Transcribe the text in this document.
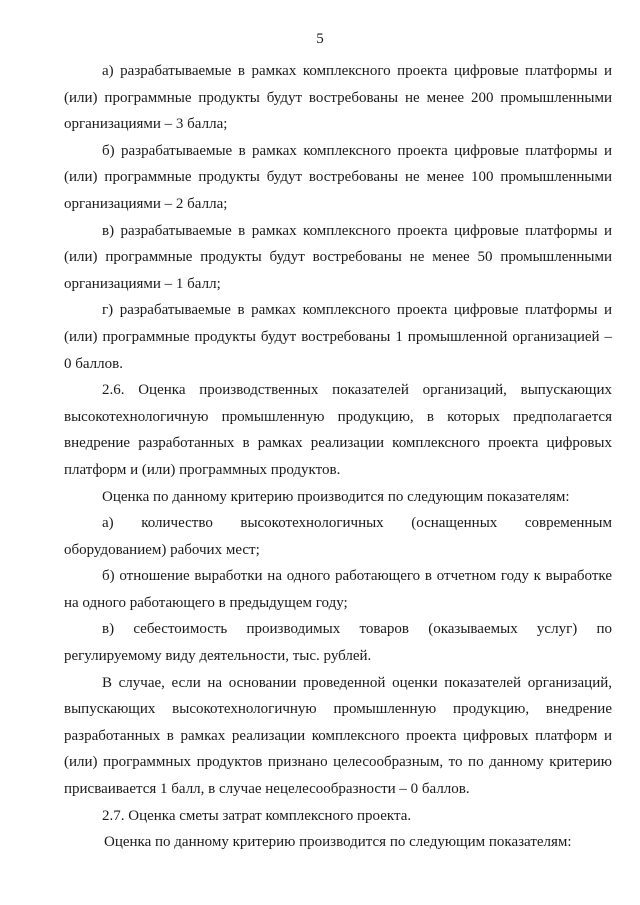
5

а) разрабатываемые в рамках комплексного проекта цифровые платформы и (или) программные продукты будут востребованы не менее 200 промышленными организациями – 3 балла;

б) разрабатываемые в рамках комплексного проекта цифровые платформы и (или) программные продукты будут востребованы не менее 100 промышленными организациями – 2 балла;

в) разрабатываемые в рамках комплексного проекта цифровые платформы и (или) программные продукты будут востребованы не менее 50 промышленными организациями – 1 балл;

г) разрабатываемые в рамках комплексного проекта цифровые платформы и (или) программные продукты будут востребованы 1 промышленной организацией – 0 баллов.

2.6. Оценка производственных показателей организаций, выпускающих высокотехнологичную промышленную продукцию, в которых предполагается внедрение разработанных в рамках реализации комплексного проекта цифровых платформ и (или) программных продуктов.

Оценка по данному критерию производится по следующим показателям:

а) количество высокотехнологичных (оснащенных современным оборудованием) рабочих мест;

б) отношение выработки на одного работающего в отчетном году к выработке на одного работающего в предыдущем году;

в) себестоимость производимых товаров (оказываемых услуг) по регулируемому виду деятельности, тыс. рублей.

В случае, если на основании проведенной оценки показателей организаций, выпускающих высокотехнологичную промышленную продукцию, внедрение разработанных в рамках реализации комплексного проекта цифровых платформ и (или) программных продуктов признано целесообразным, то по данному критерию присваивается 1 балл, в случае нецелесообразности – 0 баллов.

2.7. Оценка сметы затрат комплексного проекта.

Оценка по данному критерию производится по следующим показателям:
